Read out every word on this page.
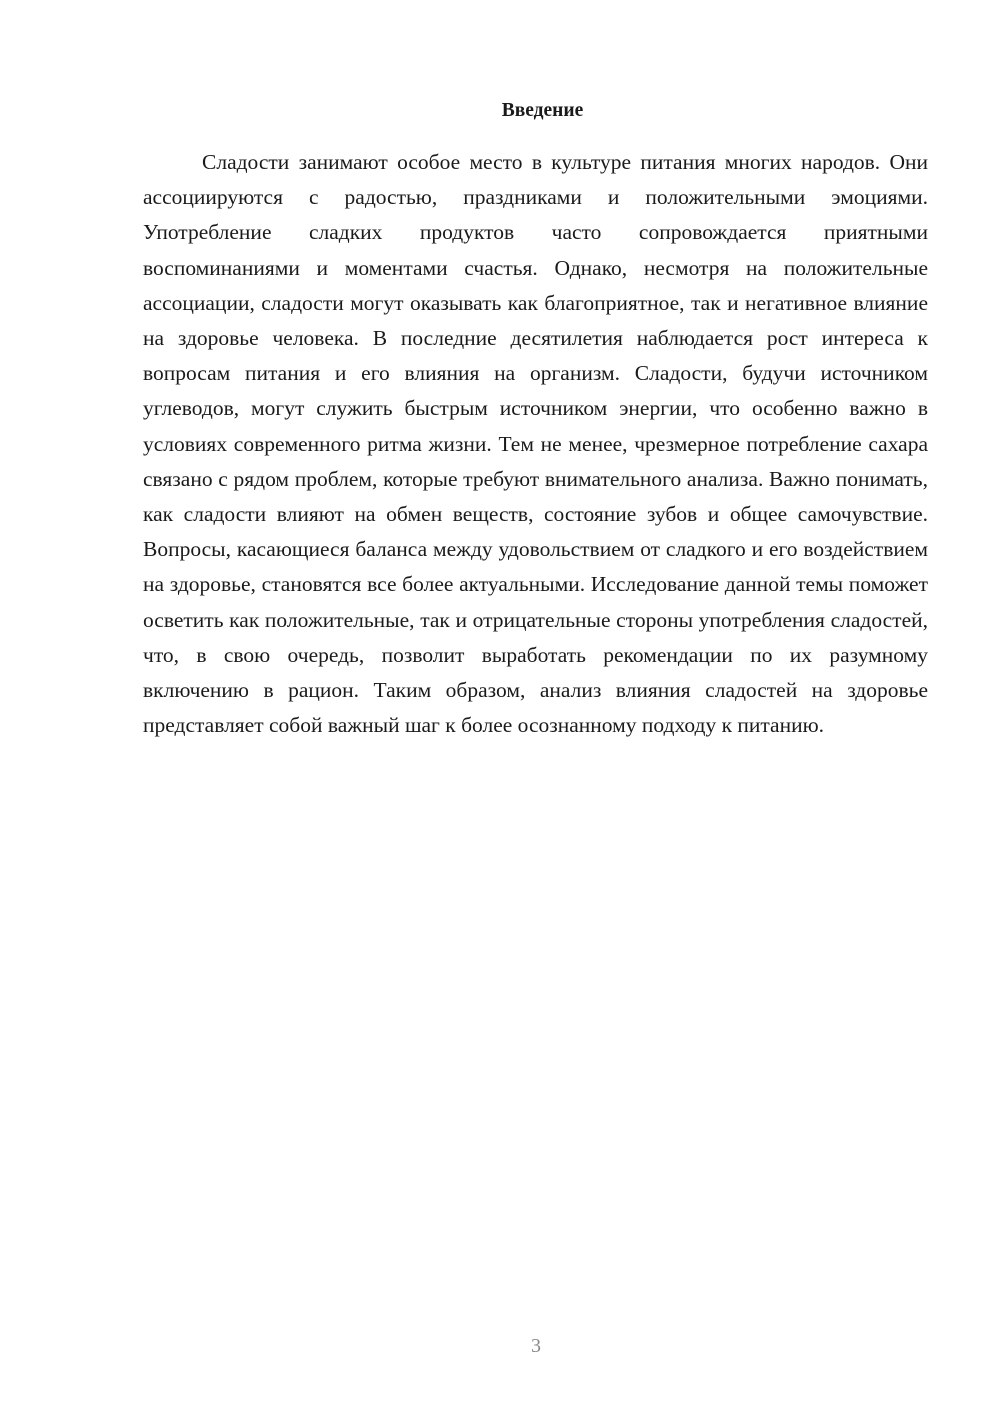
Введение

Сладости занимают особое место в культуре питания многих народов. Они ассоциируются с радостью, праздниками и положительными эмоциями. Употребление сладких продуктов часто сопровождается приятными воспоминаниями и моментами счастья. Однако, несмотря на положительные ассоциации, сладости могут оказывать как благоприятное, так и негативное влияние на здоровье человека. В последние десятилетия наблюдается рост интереса к вопросам питания и его влияния на организм. Сладости, будучи источником углеводов, могут служить быстрым источником энергии, что особенно важно в условиях современного ритма жизни. Тем не менее, чрезмерное потребление сахара связано с рядом проблем, которые требуют внимательного анализа. Важно понимать, как сладости влияют на обмен веществ, состояние зубов и общее самочувствие. Вопросы, касающиеся баланса между удовольствием от сладкого и его воздействием на здоровье, становятся все более актуальными. Исследование данной темы поможет осветить как положительные, так и отрицательные стороны употребления сладостей, что, в свою очередь, позволит выработать рекомендации по их разумному включению в рацион. Таким образом, анализ влияния сладостей на здоровье представляет собой важный шаг к более осознанному подходу к питанию.

3
